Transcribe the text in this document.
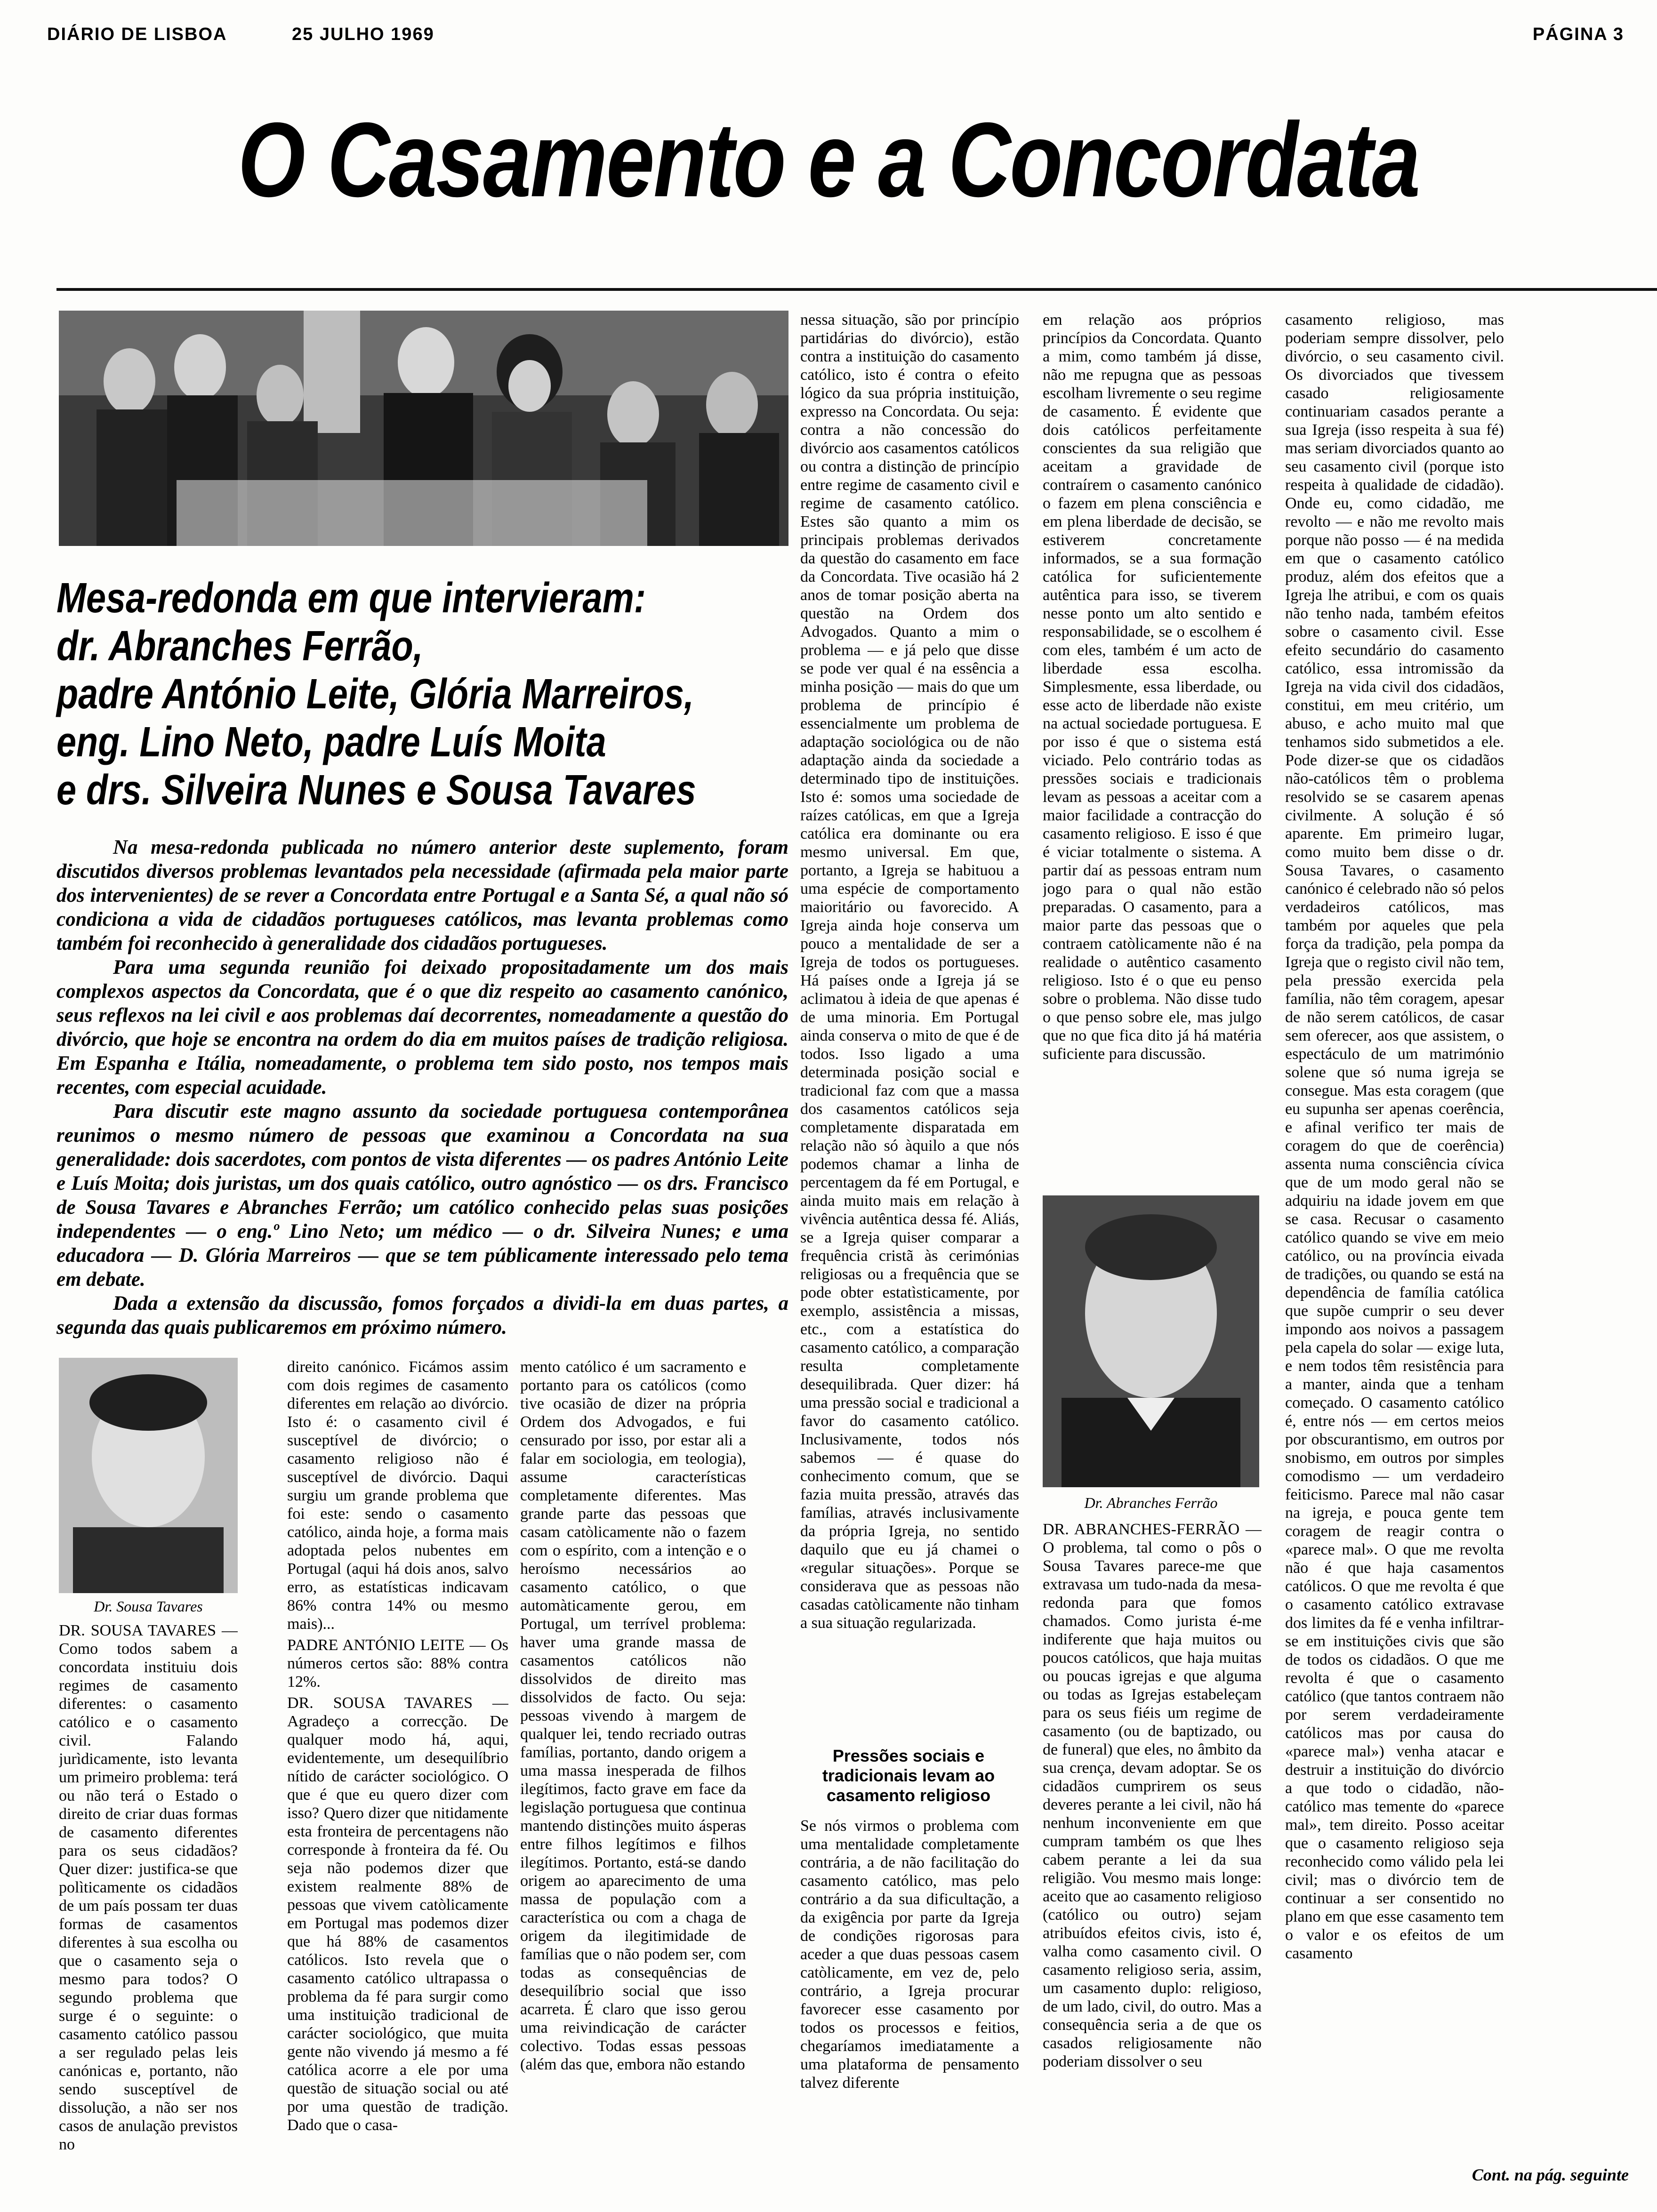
DIÁRIO DE LISBOA	25 JULHO 1969	PÁGINA 3
O Casamento e a Concordata
Mesa-redonda em que intervieram:
dr. Abranches Ferrão,
padre António Leite, Glória Marreiros,
eng. Lino Neto, padre Luís Moita
e drs. Silveira Nunes e Sousa Tavares

Na mesa-redonda publicada no número anterior deste suplemento, foram discutidos diversos problemas levantados pela necessidade (afirmada pela maior parte dos intervenientes) de se rever a Concordata entre Portugal e a Santa Sé, a qual não só condiciona a vida de cidadãos portugueses católicos, mas levanta problemas como também foi reconhecido à generalidade dos cidadãos portugueses.

Para uma segunda reunião foi deixado propositadamente um dos mais complexos aspectos da Concordata, que é o que diz respeito ao casamento canónico, seus reflexos na lei civil e aos problemas daí decorrentes, nomeadamente a questão do divórcio, que hoje se encontra na ordem do dia em muitos países de tradição religiosa. Em Espanha e Itália, nomeadamente, o problema tem sido posto, nos tempos mais recentes, com especial acuidade.

Para discutir este magno assunto da sociedade portuguesa contemporânea reunimos o mesmo número de pessoas que examinou a Concordata na sua generalidade: dois sacerdotes, com pontos de vista diferentes — os padres António Leite e Luís Moita; dois juristas, um dos quais católico, outro agnóstico — os drs. Francisco de Sousa Tavares e Abranches Ferrão; um católico conhecido pelas suas posições independentes — o eng.º Lino Neto; um médico — o dr. Silveira Nunes; e uma educadora — D. Glória Marreiros — que se tem públicamente interessado pelo tema em debate.

Dada a extensão da discussão, fomos forçados a dividi-la em duas partes, a segunda das quais publicaremos em próximo número.

nessa situação, são por princípio partidárias do divórcio), estão contra a instituição do casamento católico, isto é contra o efeito lógico da sua própria instituição, expresso na Concordata. Ou seja: contra a não concessão do divórcio aos casamentos católicos ou contra a distinção de princípio entre regime de casamento civil e regime de casamento católico. Estes são quanto a mim os principais problemas derivados da questão do casamento em face da Concordata. Tive ocasião há 2 anos de tomar posição aberta na questão na Ordem dos Advogados. Quanto a mim o problema — e já pelo que disse se pode ver qual é na essência a minha posição — mais do que um problema de princípio é essencialmente um problema de adaptação sociológica ou de não adaptação ainda da sociedade a determinado tipo de instituições. Isto é: somos uma sociedade de raízes católicas, em que a Igreja católica era dominante ou era mesmo universal. Em que, portanto, a Igreja se habituou a uma espécie de comportamento maioritário ou favorecido. A Igreja ainda hoje conserva um pouco a mentalidade de ser a Igreja de todos os portugueses. Há países onde a Igreja já se aclimatou à ideia de que apenas é de uma minoria. Em Portugal ainda conserva o mito de que é de todos. Isso ligado a uma determinada posição social e tradicional faz com que a massa dos casamentos católicos seja completamente disparatada em relação não só àquilo a que nós podemos chamar a linha de percentagem da fé em Portugal, e ainda muito mais em relação à vivência autêntica dessa fé. Aliás, se a Igreja quiser comparar a frequência cristã às cerimónias religiosas ou a frequência que se pode obter estatìsticamente, por exemplo, assistência a missas, etc., com a estatística do casamento católico, a comparação resulta completamente desequilibrada. Quer dizer: há uma pressão social e tradicional a favor do casamento católico. Inclusivamente, todos nós sabemos — é quase do conhecimento comum, que se fazia muita pressão, através das famílias, através inclusivamente da própria Igreja, no sentido daquilo que eu já chamei o «regular situações». Porque se considerava que as pessoas não casadas catòlicamente não tinham a sua situação regularizada.

em relação aos próprios princípios da Concordata. Quanto a mim, como também já disse, não me repugna que as pessoas escolham livremente o seu regime de casamento. É evidente que dois católicos perfeitamente conscientes da sua religião que aceitam a gravidade de contraírem o casamento canónico o fazem em plena consciência e em plena liberdade de decisão, se estiverem concretamente informados, se a sua formação católica for suficientemente autêntica para isso, se tiverem nesse ponto um alto sentido e responsabilidade, se o escolhem é com eles, também é um acto de liberdade essa escolha. Simplesmente, essa liberdade, ou esse acto de liberdade não existe na actual sociedade portuguesa. E por isso é que o sistema está viciado. Pelo contrário todas as pressões sociais e tradicionais levam as pessoas a aceitar com a maior facilidade a contracção do casamento religioso. E isso é que é viciar totalmente o sistema. A partir daí as pessoas entram num jogo para o qual não estão preparadas. O casamento, para a maior parte das pessoas que o contraem catòlicamente não é na realidade o autêntico casamento religioso. Isto é o que eu penso sobre o problema. Não disse tudo o que penso sobre ele, mas julgo que no que fica dito já há matéria suficiente para discussão.

casamento religioso, mas poderiam sempre dissolver, pelo divórcio, o seu casamento civil. Os divorciados que tivessem casado religiosamente continuariam casados perante a sua Igreja (isso respeita à sua fé) mas seriam divorciados quanto ao seu casamento civil (porque isto respeita à qualidade de cidadão). Onde eu, como cidadão, me revolto — e não me revolto mais porque não posso — é na medida em que o casamento católico produz, além dos efeitos que a Igreja lhe atribui, e com os quais não tenho nada, também efeitos sobre o casamento civil. Esse efeito secundário do casamento católico, essa intromissão da Igreja na vida civil dos cidadãos, constitui, em meu critério, um abuso, e acho muito mal que tenhamos sido submetidos a ele. Pode dizer-se que os cidadãos não-católicos têm o problema resolvido se se casarem apenas civilmente. A solução é só aparente. Em primeiro lugar, como muito bem disse o dr. Sousa Tavares, o casamento canónico é celebrado não só pelos verdadeiros católicos, mas também por aqueles que pela força da tradição, pela pompa da Igreja que o registo civil não tem, pela pressão exercida pela família, não têm coragem, apesar de não serem católicos, de casar sem oferecer, aos que assistem, o espectáculo de um matrimónio solene que só numa igreja se consegue. Mas esta coragem (que eu supunha ser apenas coerência, e afinal verifico ter mais de coragem do que de coerência) assenta numa consciência cívica que de um modo geral não se adquiriu na idade jovem em que se casa. Recusar o casamento católico quando se vive em meio católico, ou na província eivada de tradições, ou quando se está na dependência de família católica que supõe cumprir o seu dever impondo aos noivos a passagem pela capela do solar — exige luta, e nem todos têm resistência para a manter, ainda que a tenham começado. O casamento católico é, entre nós — em certos meios por obscurantismo, em outros por snobismo, em outros por simples comodismo — um verdadeiro feiticismo. Parece mal não casar na igreja, e pouca gente tem coragem de reagir contra o «parece mal». O que me revolta não é que haja casamentos católicos. O que me revolta é que o casamento católico extravase dos limites da fé e venha infiltrar-se em instituições civis que são de todos os cidadãos. O que me revolta é que o casamento católico (que tantos contraem não por serem verdadeiramente católicos mas por causa do «parece mal») venha atacar e destruir a instituição do divórcio a que todo o cidadão, não-católico mas temente do «parece mal», tem direito. Posso aceitar que o casamento religioso seja reconhecido como válido pela lei civil; mas o divórcio tem de continuar a ser consentido no plano em que esse casamento tem o valor e os efeitos de um casamento

Dr. Abranches Ferrão
Dr. Sousa Tavares

DR. SOUSA TAVARES — Como todos sabem a concordata instituiu dois regimes de casamento diferentes: o casamento católico e o casamento civil. Falando jurìdicamente, isto levanta um primeiro problema: terá ou não terá o Estado o direito de criar duas formas de casamento diferentes para os seus cidadãos? Quer dizer: justifica-se que polìticamente os cidadãos de um país possam ter duas formas de casamentos diferentes à sua escolha ou que o casamento seja o mesmo para todos? O segundo problema que surge é o seguinte: o casamento católico passou a ser regulado pelas leis canónicas e, portanto, não sendo susceptível de dissolução, a não ser nos casos de anulação previstos no

direito canónico. Ficámos assim com dois regimes de casamento diferentes em relação ao divórcio. Isto é: o casamento civil é susceptível de divórcio; o casamento religioso não é susceptível de divórcio. Daqui surgiu um grande problema que foi este: sendo o casamento católico, ainda hoje, a forma mais adoptada pelos nubentes em Portugal (aqui há dois anos, salvo erro, as estatísticas indicavam 86% contra 14% ou mesmo mais)...

PADRE ANTÓNIO LEITE — Os números certos são: 88% contra 12%.

DR. SOUSA TAVARES — Agradeço a correcção. De qualquer modo há, aqui, evidentemente, um desequilíbrio nítido de carácter sociológico. O que é que eu quero dizer com isso? Quero dizer que nitidamente esta fronteira de percentagens não corresponde à fronteira da fé. Ou seja não podemos dizer que existem realmente 88% de pessoas que vivem catòlicamente em Portugal mas podemos dizer que há 88% de casamentos católicos. Isto revela que o casamento católico ultrapassa o problema da fé para surgir como uma instituição tradicional de carácter sociológico, que muita gente não vivendo já mesmo a fé católica acorre a ele por uma questão de situação social ou até por uma questão de tradição. Dado que o casa-

mento católico é um sacramento e portanto para os católicos (como tive ocasião de dizer na própria Ordem dos Advogados, e fui censurado por isso, por estar ali a falar em sociologia, em teologia), assume características completamente diferentes. Mas grande parte das pessoas que casam catòlicamente não o fazem com o espírito, com a intenção e o heroísmo necessários ao casamento católico, o que automàticamente gerou, em Portugal, um terrível problema: haver uma grande massa de casamentos católicos não dissolvidos de direito mas dissolvidos de facto. Ou seja: pessoas vivendo à margem de qualquer lei, tendo recriado outras famílias, portanto, dando origem a uma massa inesperada de filhos ilegítimos, facto grave em face da legislação portuguesa que continua mantendo distinções muito ásperas entre filhos legítimos e filhos ilegítimos. Portanto, está-se dando origem ao aparecimento de uma massa de população com a característica ou com a chaga de origem da ilegitimidade de famílias que o não podem ser, com todas as consequências de desequilíbrio social que isso acarreta. É claro que isso gerou uma reivindicação de carácter colectivo. Todas essas pessoas (além das que, embora não estando

Pressões sociais e tradicionais levam ao casamento religioso

Se nós virmos o problema com uma mentalidade completamente contrária, a de não facilitação do casamento católico, mas pelo contrário a da sua dificultação, a da exigência por parte da Igreja de condições rigorosas para aceder a que duas pessoas casem catòlicamente, em vez de, pelo contrário, a Igreja procurar favorecer esse casamento por todos os processos e feitios, chegaríamos imediatamente a uma plataforma de pensamento talvez diferente

DR. ABRANCHES-FERRÃO — O problema, tal como o pôs o Sousa Tavares parece-me que extravasa um tudo-nada da mesa-redonda para que fomos chamados. Como jurista é-me indiferente que haja muitos ou poucos católicos, que haja muitas ou poucas igrejas e que alguma ou todas as Igrejas estabeleçam para os seus fiéis um regime de casamento (ou de baptizado, ou de funeral) que eles, no âmbito da sua crença, devam adoptar. Se os cidadãos cumprirem os seus deveres perante a lei civil, não há nenhum inconveniente em que cumpram também os que lhes cabem perante a lei da sua religião. Vou mesmo mais longe: aceito que ao casamento religioso (católico ou outro) sejam atribuídos efeitos civis, isto é, valha como casamento civil. O casamento religioso seria, assim, um casamento duplo: religioso, de um lado, civil, do outro. Mas a consequência seria a de que os casados religiosamente não poderiam dissolver o seu

Cont. na pág. seguinte
